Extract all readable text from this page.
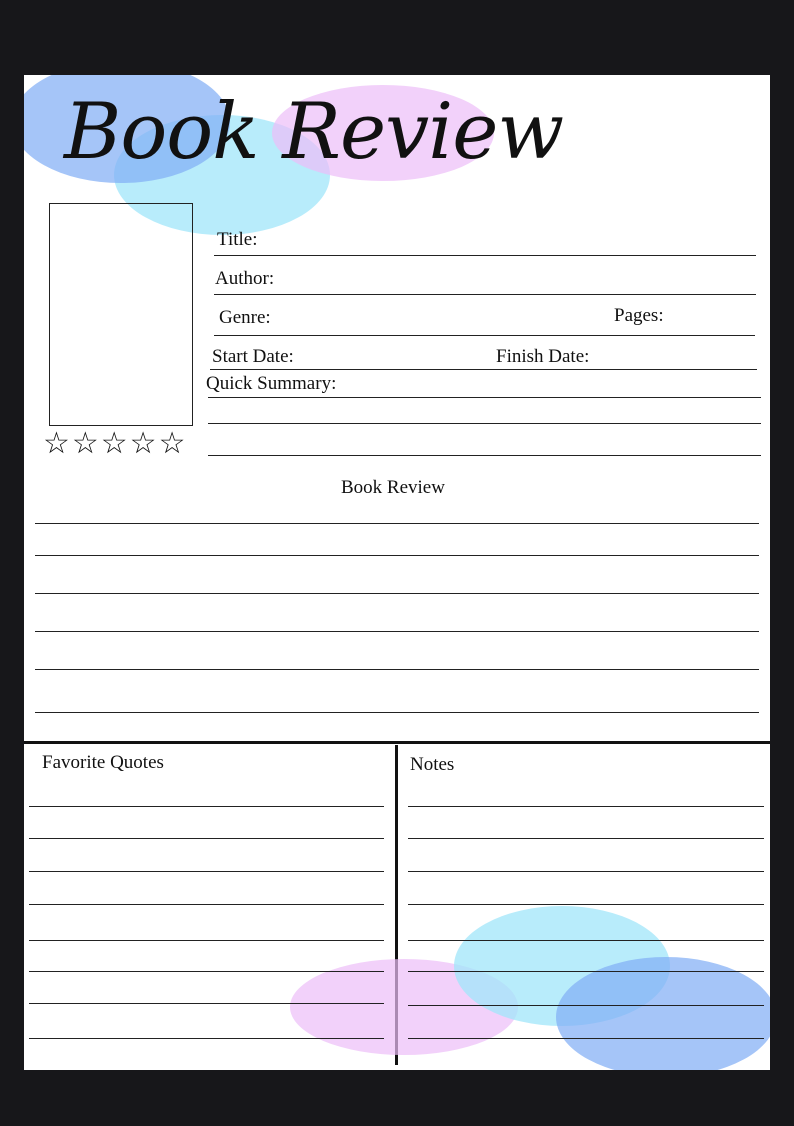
Book Review
☆☆☆☆☆
Title:
Author:
Genre:	Pages:
Start Date:	Finish Date:
Quick Summary:
Book Review
Favorite Quotes	Notes
